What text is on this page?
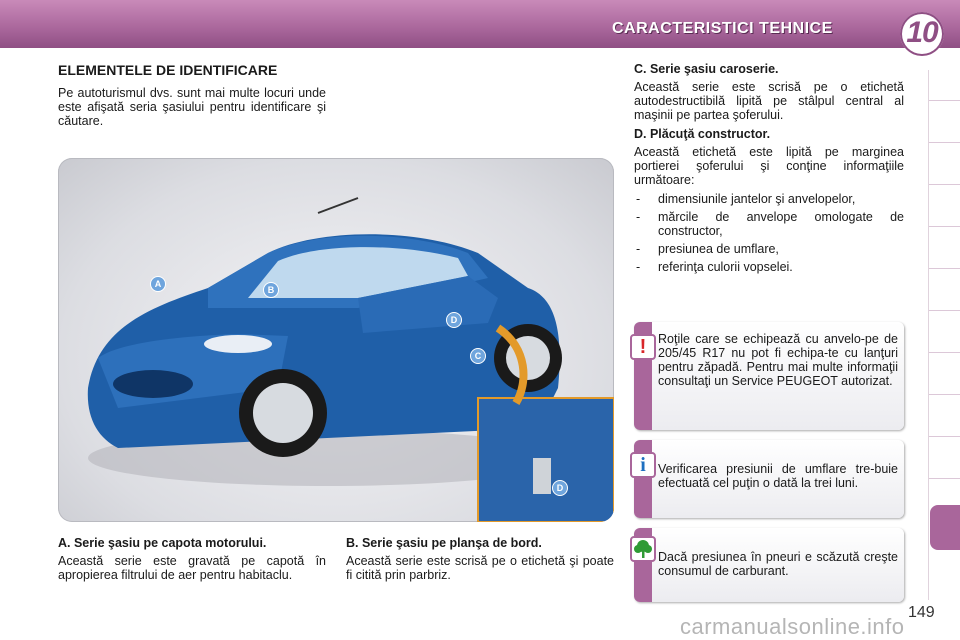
CARACTERISTICI TEHNICE 10
ELEMENTELE DE IDENTIFICARE
Pe autoturismul dvs. sunt mai multe locuri unde este afişată seria şasiului pentru identificare şi căutare.
A
B
C
D
D
A. Serie şasiu pe capota motorului.
Această serie este gravată pe capotă în apropierea filtrului de aer pentru habitaclu.
B. Serie şasiu pe planşa de bord.
Această serie este scrisă pe o etichetă şi poate fi citită prin parbriz.
C. Serie şasiu caroserie.

Această serie este scrisă pe o etichetă autodestructibilă lipită pe stâlpul central al maşinii pe partea şoferului.

D. Plăcuţă constructor.

Această etichetă este lipită pe marginea portierei şoferului şi conţine informaţiile următoare:

- dimensiunile jantelor şi anvelopelor,
- mărcile de anvelope omologate de constructor,
- presiunea de umflare,
- referinţa culorii vopselei.
! Roţile care se echipează cu anvelo-pe de 205/45 R17 nu pot fi echipa-te cu lanţuri pentru zăpadă. Pentru mai multe informaţii consultaţi un Service PEUGEOT autorizat.
i Verificarea presiunii de umflare tre-buie efectuată cel puţin o dată la trei luni.
Dacă presiunea în pneuri e scăzută creşte consumul de carburant.
carmanualsonline.info
149
